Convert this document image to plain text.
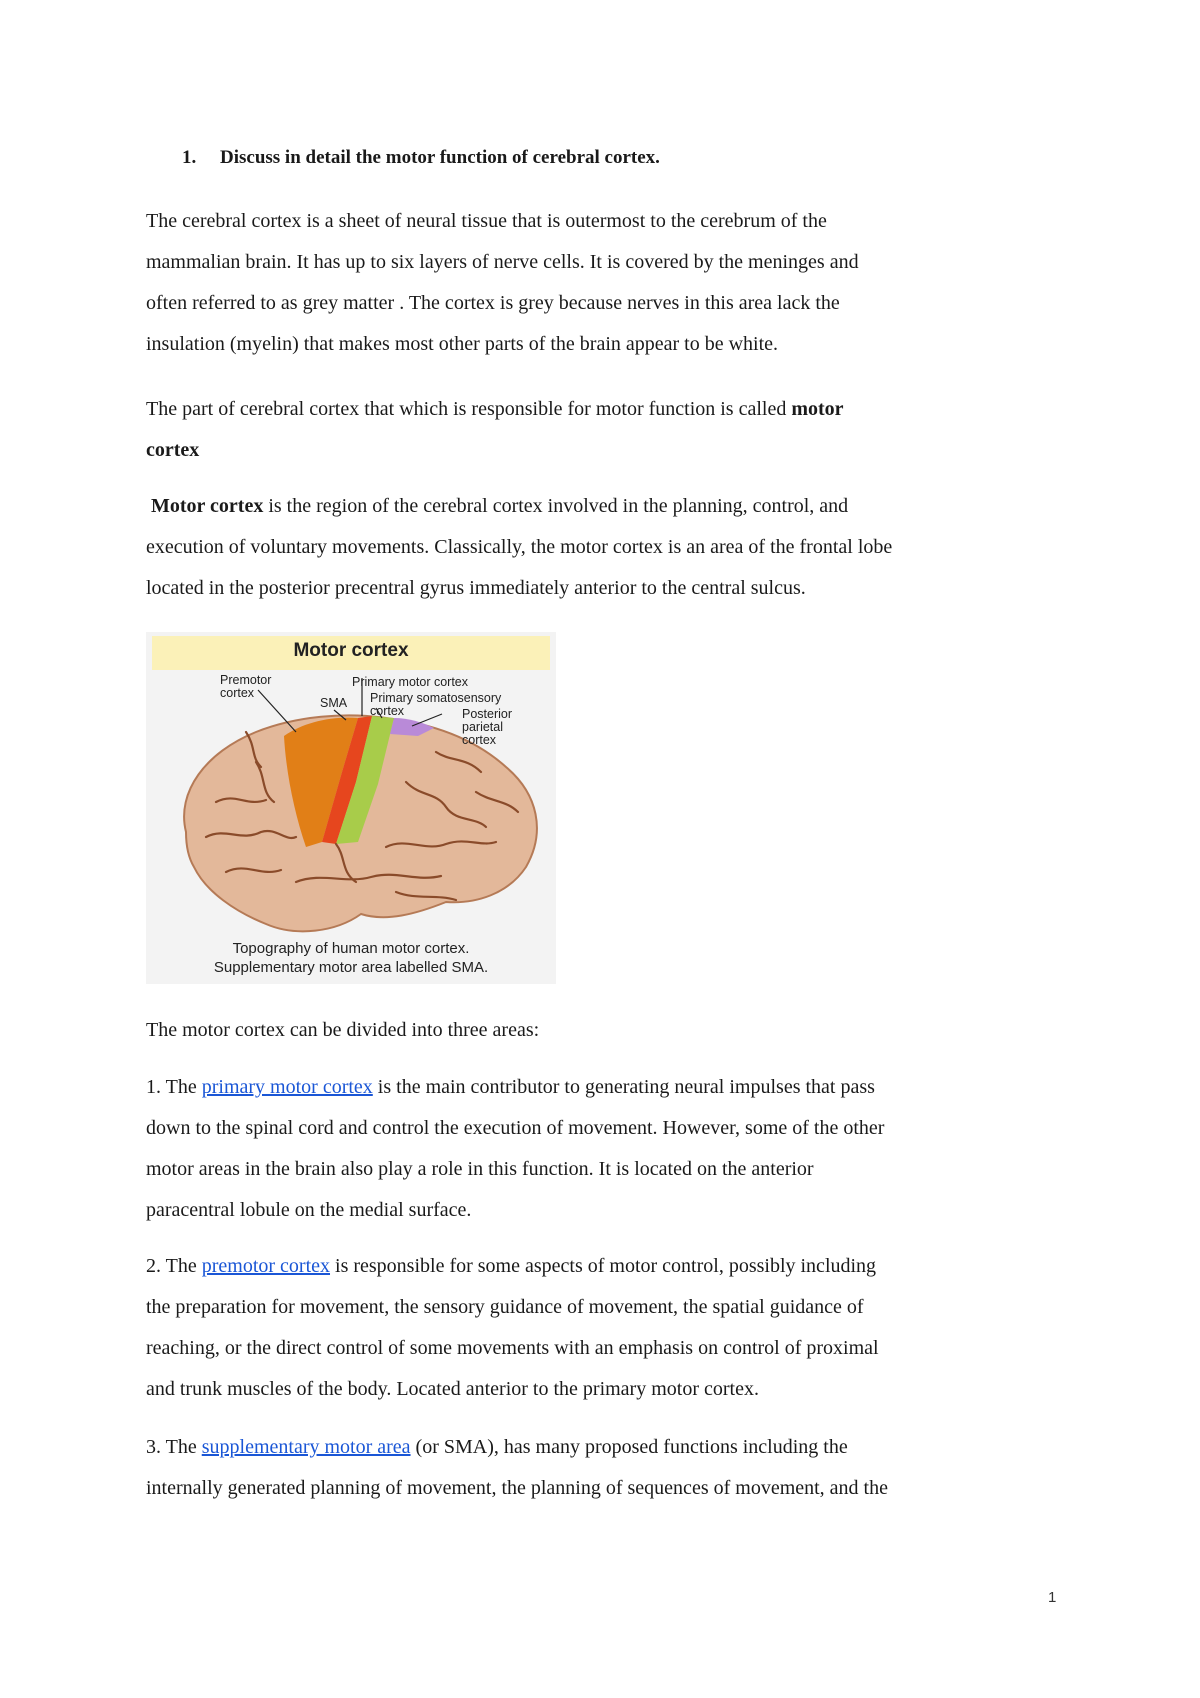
1. Discuss in detail the motor function of cerebral cortex.
The cerebral cortex is a sheet of neural tissue that is outermost to the cerebrum of the
mammalian brain. It has up to six layers of nerve cells. It is covered by the meninges and
often referred to as grey matter . The cortex is grey because nerves in this area lack the
insulation (myelin) that makes most other parts of the brain appear to be white.
The part of cerebral cortex that which is responsible for motor function is called motor
cortex
Motor cortex is the region of the cerebral cortex involved in the planning, control, and
execution of voluntary movements. Classically, the motor cortex is an area of the frontal lobe
located in the posterior precentral gyrus immediately anterior to the central sulcus.
Motor cortex
Premotor
cortex
SMA
Primary motor cortex
Primary somatosensory
cortex	Posterior
parietal
cortex
Topography of human motor cortex.
Supplementary motor area labelled SMA.
The motor cortex can be divided into three areas:
1. The primary motor cortex is the main contributor to generating neural impulses that pass
down to the spinal cord and control the execution of movement. However, some of the other
motor areas in the brain also play a role in this function. It is located on the anterior
paracentral lobule on the medial surface.
2. The premotor cortex is responsible for some aspects of motor control, possibly including
the preparation for movement, the sensory guidance of movement, the spatial guidance of
reaching, or the direct control of some movements with an emphasis on control of proximal
and trunk muscles of the body. Located anterior to the primary motor cortex.
3. The supplementary motor area (or SMA), has many proposed functions including the
internally generated planning of movement, the planning of sequences of movement, and the
1
